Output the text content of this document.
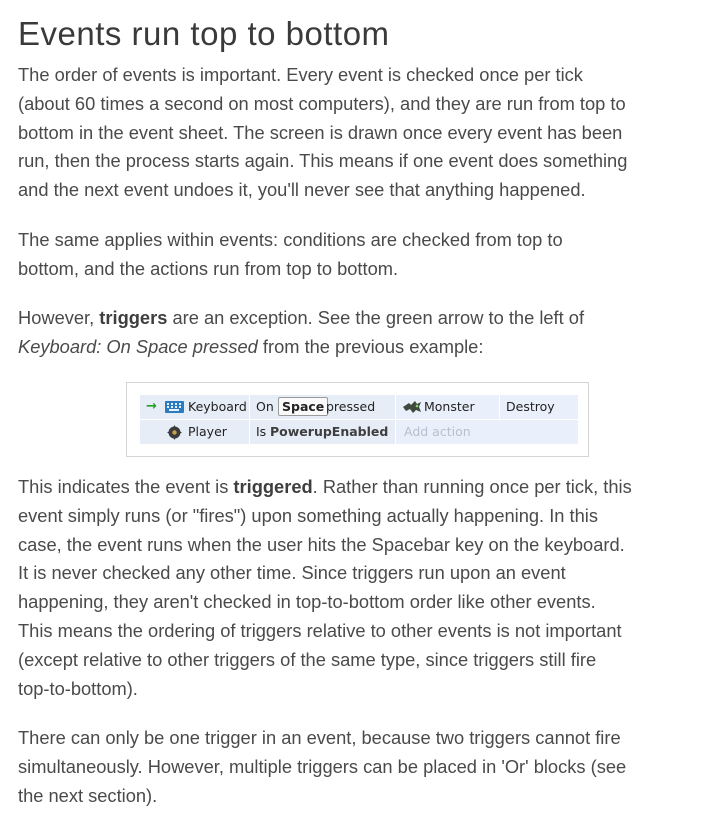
Events run top to bottom

The order of events is important. Every event is checked once per tick
(about 60 times a second on most computers), and they are run from top to
bottom in the event sheet. The screen is drawn once every event has been
run, then the process starts again. This means if one event does something
and the next event undoes it, you'll never see that anything happened.

The same applies within events: conditions are checked from top to
bottom, and the actions run from top to bottom.

However, triggers are an exception. See the green arrow to the left of
Keyboard: On Space pressed from the previous example:

→ Keyboard On Space pressed	Monster	Destroy
Player Is PowerupEnabled Add action

This indicates the event is triggered. Rather than running once per tick, this
event simply runs (or "fires") upon something actually happening. In this
case, the event runs when the user hits the Spacebar key on the keyboard.
It is never checked any other time. Since triggers run upon an event
happening, they aren't checked in top-to-bottom order like other events.
This means the ordering of triggers relative to other events is not important
(except relative to other triggers of the same type, since triggers still fire
top-to-bottom).

There can only be one trigger in an event, because two triggers cannot fire
simultaneously. However, multiple triggers can be placed in 'Or' blocks (see
the next section).
